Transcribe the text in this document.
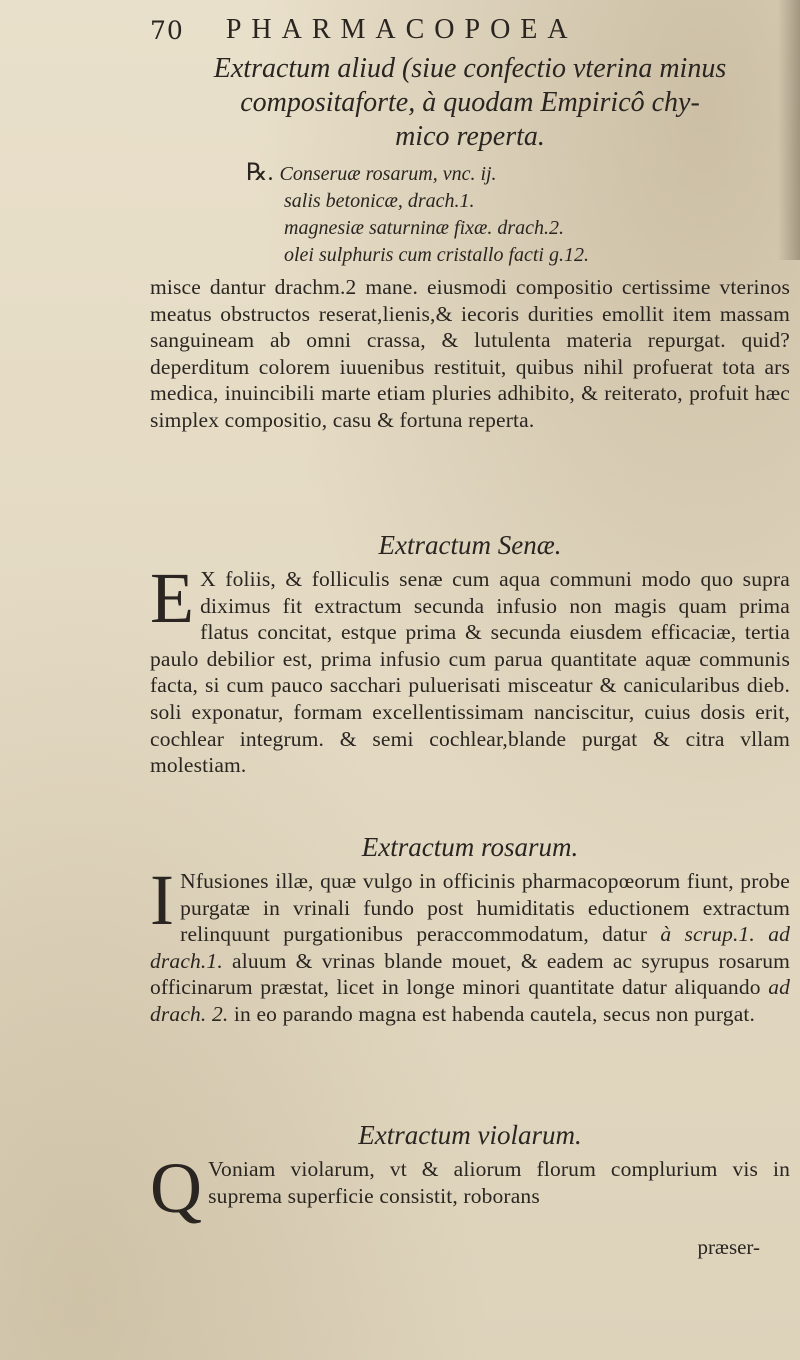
70 PHARMACOPOEA
Extractum aliud (siue confectio vterina minus
compositaforte, à quodam Empiricô chy-
mico reperta.
℞. Conseruæ rosarum, vnc. ij.
salis betonicæ, drach.1.
magnesiæ saturninæ fixæ. drach.2.
olei sulphuris cum cristallo facti g.12.
misce dantur drachm.2 mane. eiusmodi compositio certissime vterinos meatus obstructos reserat,lienis,& iecoris durities emollit item massam sanguineam ab omni crassa, & lutulenta materia repurgat. quid? deperditum colorem iuuenibus restituit, quibus nihil profuerat tota ars medica, inuincibili marte etiam pluries adhibito, & reiterato, profuit hæc simplex compositio, casu & fortuna reperta.
Extractum Senæ.
E X foliis, & folliculis senæ cum aqua communi modo quo supra diximus fit extractum secunda infusio non magis quam prima flatus concitat, estque prima & secunda eiusdem efficaciæ, tertia paulo debilior est, prima infusio cum parua quantitate aquæ communis facta, si cum pauco sacchari puluerisati misceatur & canicularibus dieb. soli exponatur, formam excellentissimam nanciscitur, cuius dosis erit, cochlear integrum. & semi cochlear,blande purgat & citra vllam molestiam.
Extractum rosarum.
I Nfusiones illæ, quæ vulgo in officinis pharmacopœorum fiunt, probe purgatæ in vrinali fundo post humiditatis eductionem extractum relinquunt purgationibus peraccommodatum, datur à scrup.1. ad drach.1. aluum & vrinas blande mouet, & eadem ac syrupus rosarum officinarum præstat, licet in longe minori quantitate datur aliquando ad drach. 2. in eo parando magna est habenda cautela, secus non purgat.
Extractum violarum.
Q Voniam violarum, vt & aliorum florum complurium vis in suprema superficie consistit, roborans
præser-
